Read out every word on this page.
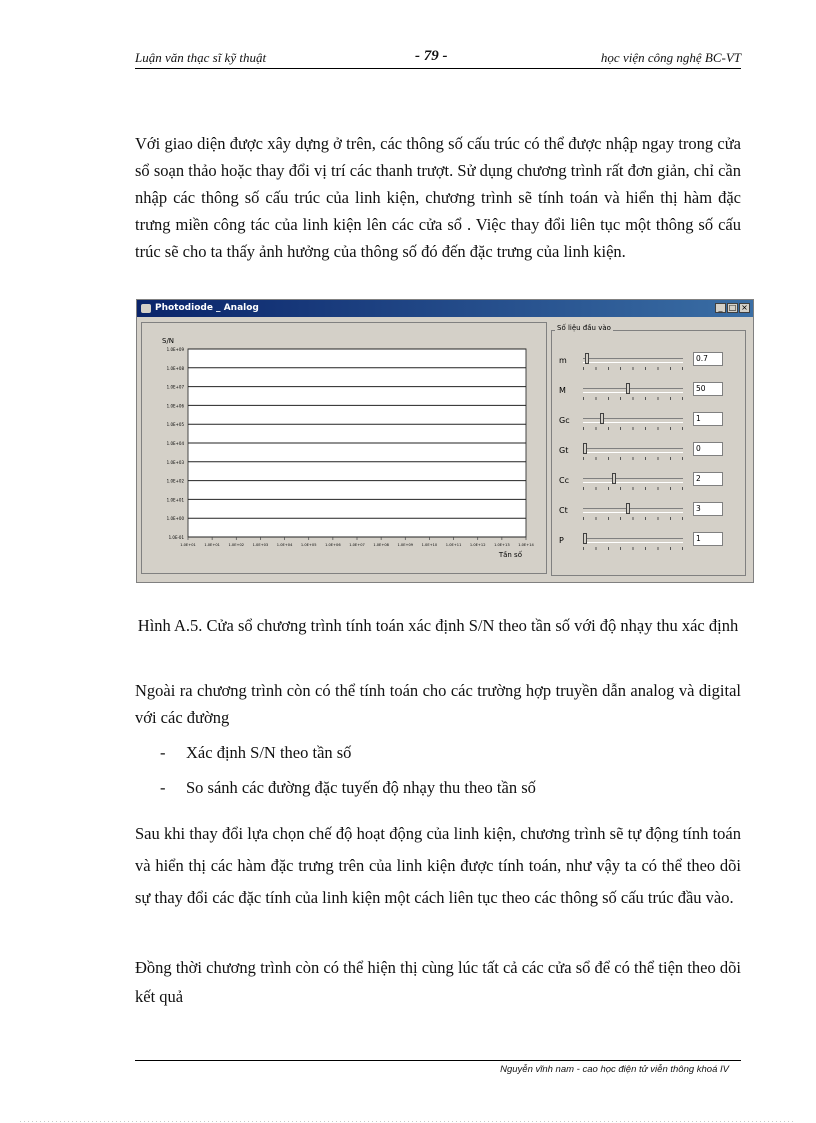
Luận văn thạc sĩ kỹ thuật	- 79 -	học viện công nghệ BC-VT
Với giao diện được xây dựng ở trên, các thông số cấu trúc có thể được nhập ngay trong cửa sổ soạn thảo hoặc thay đổi vị trí các thanh trượt. Sử dụng chương trình rất đơn giản, chỉ cần nhập các thông số cấu trúc của linh kiện, chương trình sẽ tính toán và hiển thị hàm đặc trưng miền công tác của linh kiện lên các cửa sổ . Việc thay đổi liên tục một thông số cấu trúc sẽ cho ta thấy ảnh hưởng của thông số đó đến đặc trưng của linh kiện.
Photodiode _ Analog	_ □ ×
1.0E+09
1.0E+08
1.0E+07
1.0E+06
1.0E+05
1.0E+04
1.0E+03
1.0E+02
1.0E+01
1.0E+00
1.0E-01
1.0E+01 1.0E+01 1.0E+02 1.0E+03 1.0E+04 1.0E+05 1.0E+06 1.0E+07 1.0E+08 1.0E+09 1.0E+10 1.0E+11 1.0E+12 1.0E+13 1.0E+14
S/N
Tần số
Số liệu đầu vào
m	0.7
M	50
Gc	1
Gt	0
Cc	2
Ct	3
P	1
Hình A.5. Cửa sổ chương trình tính toán xác định S/N theo tần số với độ nhạy thu xác định
Ngoài ra chương trình còn có thể tính toán cho các trường hợp truyền dẫn analog và digital với các đường
- Xác định S/N theo tần số
- So sánh các đường đặc tuyến độ nhạy thu theo tần số
Sau khi thay đổi lựa chọn chế độ hoạt động của linh kiện, chương trình sẽ tự động tính toán và hiển thị các hàm đặc trưng trên của linh kiện được tính toán, như vậy ta có thể theo dõi sự thay đổi các đặc tính của linh kiện một cách liên tục theo các thông số cấu trúc đầu vào.
Đồng thời chương trình còn có thể hiện thị cùng lúc tất cả các cửa sổ để có thể tiện theo dõi kết quả
Nguyễn vĩnh nam - cao học điện tử viễn thông khoá IV
